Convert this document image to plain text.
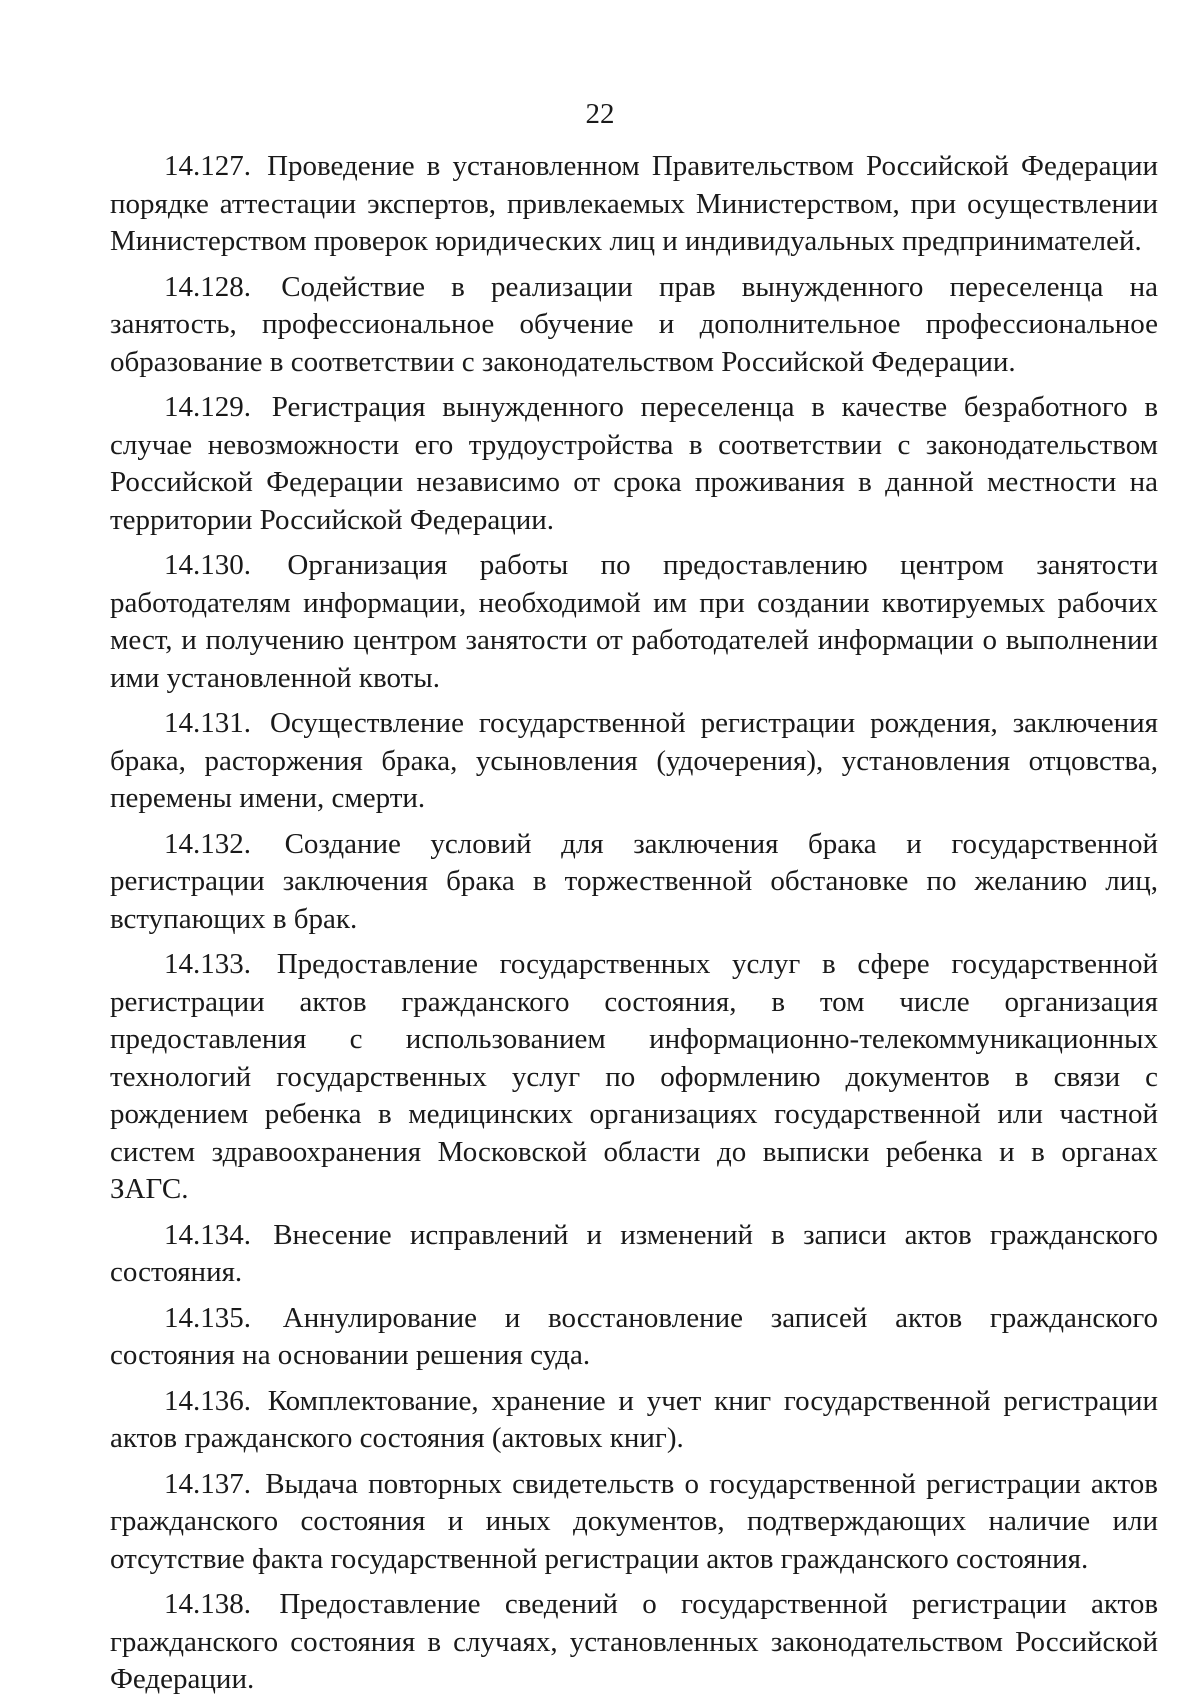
22

14.127. Проведение в установленном Правительством Российской Федерации порядке аттестации экспертов, привлекаемых Министерством, при осуществлении Министерством проверок юридических лиц и индивидуальных предпринимателей.

14.128. Содействие в реализации прав вынужденного переселенца на занятость, профессиональное обучение и дополнительное профессиональное образование в соответствии с законодательством Российской Федерации.

14.129. Регистрация вынужденного переселенца в качестве безработного в случае невозможности его трудоустройства в соответствии с законодательством Российской Федерации независимо от срока проживания в данной местности на территории Российской Федерации.

14.130. Организация работы по предоставлению центром занятости работодателям информации, необходимой им при создании квотируемых рабочих мест, и получению центром занятости от работодателей информации о выполнении ими установленной квоты.

14.131. Осуществление государственной регистрации рождения, заключения брака, расторжения брака, усыновления (удочерения), установления отцовства, перемены имени, смерти.

14.132. Создание условий для заключения брака и государственной регистрации заключения брака в торжественной обстановке по желанию лиц, вступающих в брак.

14.133. Предоставление государственных услуг в сфере государственной регистрации актов гражданского состояния, в том числе организация предоставления с использованием информационно-телекоммуникационных технологий государственных услуг по оформлению документов в связи с рождением ребенка в медицинских организациях государственной или частной систем здравоохранения Московской области до выписки ребенка и в органах ЗАГС.

14.134. Внесение исправлений и изменений в записи актов гражданского состояния.

14.135. Аннулирование и восстановление записей актов гражданского состояния на основании решения суда.

14.136. Комплектование, хранение и учет книг государственной регистрации актов гражданского состояния (актовых книг).

14.137. Выдача повторных свидетельств о государственной регистрации актов гражданского состояния и иных документов, подтверждающих наличие или отсутствие факта государственной регистрации актов гражданского состояния.

14.138. Предоставление сведений о государственной регистрации актов гражданского состояния в случаях, установленных законодательством Российской Федерации.
